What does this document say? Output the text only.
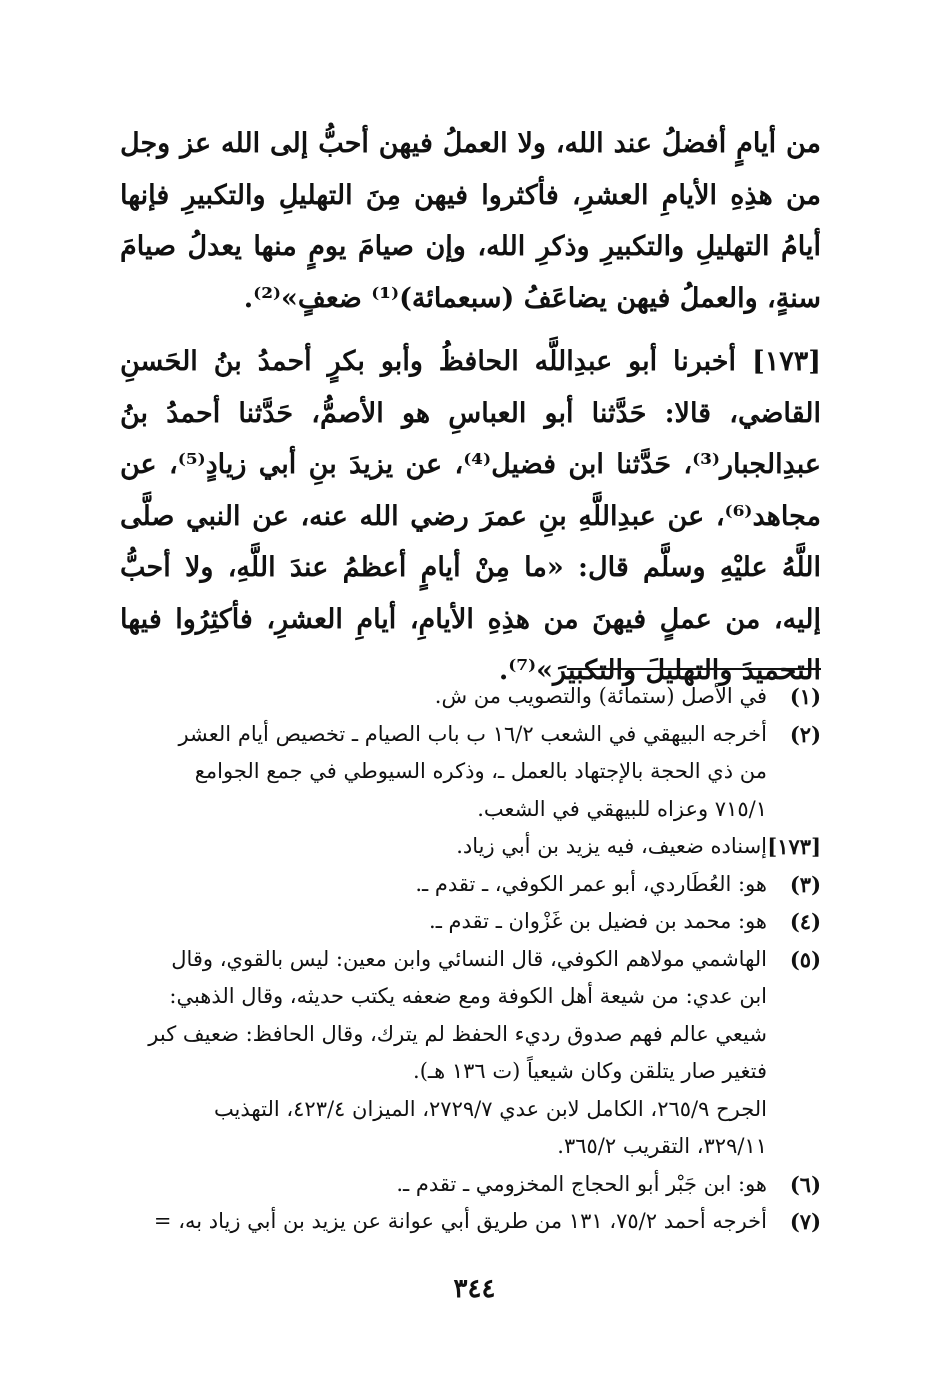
من أيامٍ أفضلُ عند الله، ولا العملُ فيهن أحبُّ إلى الله عز وجل من هذِهِ الأيامِ العشرِ، فأكثروا فيهن مِنَ التهليلِ والتكبيرِ فإنها أيامُ التهليلِ والتكبيرِ وذكرِ الله، وإن صيامَ يومٍ منها يعدلُ صيامَ سنةٍ، والعملُ فيهن يضاعَفُ (سبعمائة)⁽¹⁾ ضعفٍ»⁽²⁾.

[١٧٣] أخبرنا أبو عبدِاللَّه الحافظُ وأبو بكرٍ أحمدُ بنُ الحَسنِ القاضي، قالا: حَدَّثنا أبو العباسِ هو الأصمُّ، حَدَّثنا أحمدُ بنُ عبدِالجبار⁽³⁾، حَدَّثنا ابن فضيل⁽⁴⁾، عن يزيدَ بنِ أبي زيادٍ⁽⁵⁾، عن مجاهد⁽⁶⁾، عن عبدِاللَّهِ بنِ عمرَ رضي الله عنه، عن النبي صلَّى اللَّهُ عليْهِ وسلَّم قال: «ما مِنْ أيامٍ أعظمُ عندَ اللَّهِ، ولا أحبُّ إليه، من عملٍ فيهنَ من هذِهِ الأيامِ، أيامِ العشرِ، فأكثِرُوا فيها التحميدَ والتهليلَ والتكبيرَ»⁽⁷⁾.

(١)
في الأصل (ستمائة) والتصويب من ش.
(٢)
أخرجه البيهقي في الشعب ١٦/٢ ب باب الصيام ـ تخصيص أيام العشر
من ذي الحجة بالإجتهاد بالعمل ـ، وذكره السيوطي في جمع الجوامع
٧١٥/١ وعزاه للبيهقي في الشعب.
[١٧٣]
إسناده ضعيف، فيه يزيد بن أبي زياد.
(٣)
هو: العُطَاردي، أبو عمر الكوفي، ـ تقدم ـ.
(٤)
هو: محمد بن فضيل بن غَزْوان ـ تقدم ـ.
(٥)
الهاشمي مولاهم الكوفي، قال النسائي وابن معين: ليس بالقوي، وقال
ابن عدي: من شيعة أهل الكوفة ومع ضعفه يكتب حديثه، وقال الذهبي:
شيعي عالم فهم صدوق رديء الحفظ لم يترك، وقال الحافظ: ضعيف كبر
فتغير صار يتلقن وكان شيعياً (ت ١٣٦ هـ).
الجرح ٢٦٥/٩، الكامل لابن عدي ٢٧٢٩/٧، الميزان ٤٢٣/٤، التهذيب
٣٢٩/١١، التقريب ٣٦٥/٢.
(٦)
هو: ابن جَبْر أبو الحجاج المخزومي ـ تقدم ـ.
(٧)
أخرجه أحمد ٧٥/٢، ١٣١ من طريق أبي عوانة عن يزيد بن أبي زياد به، =
٣٤٤
